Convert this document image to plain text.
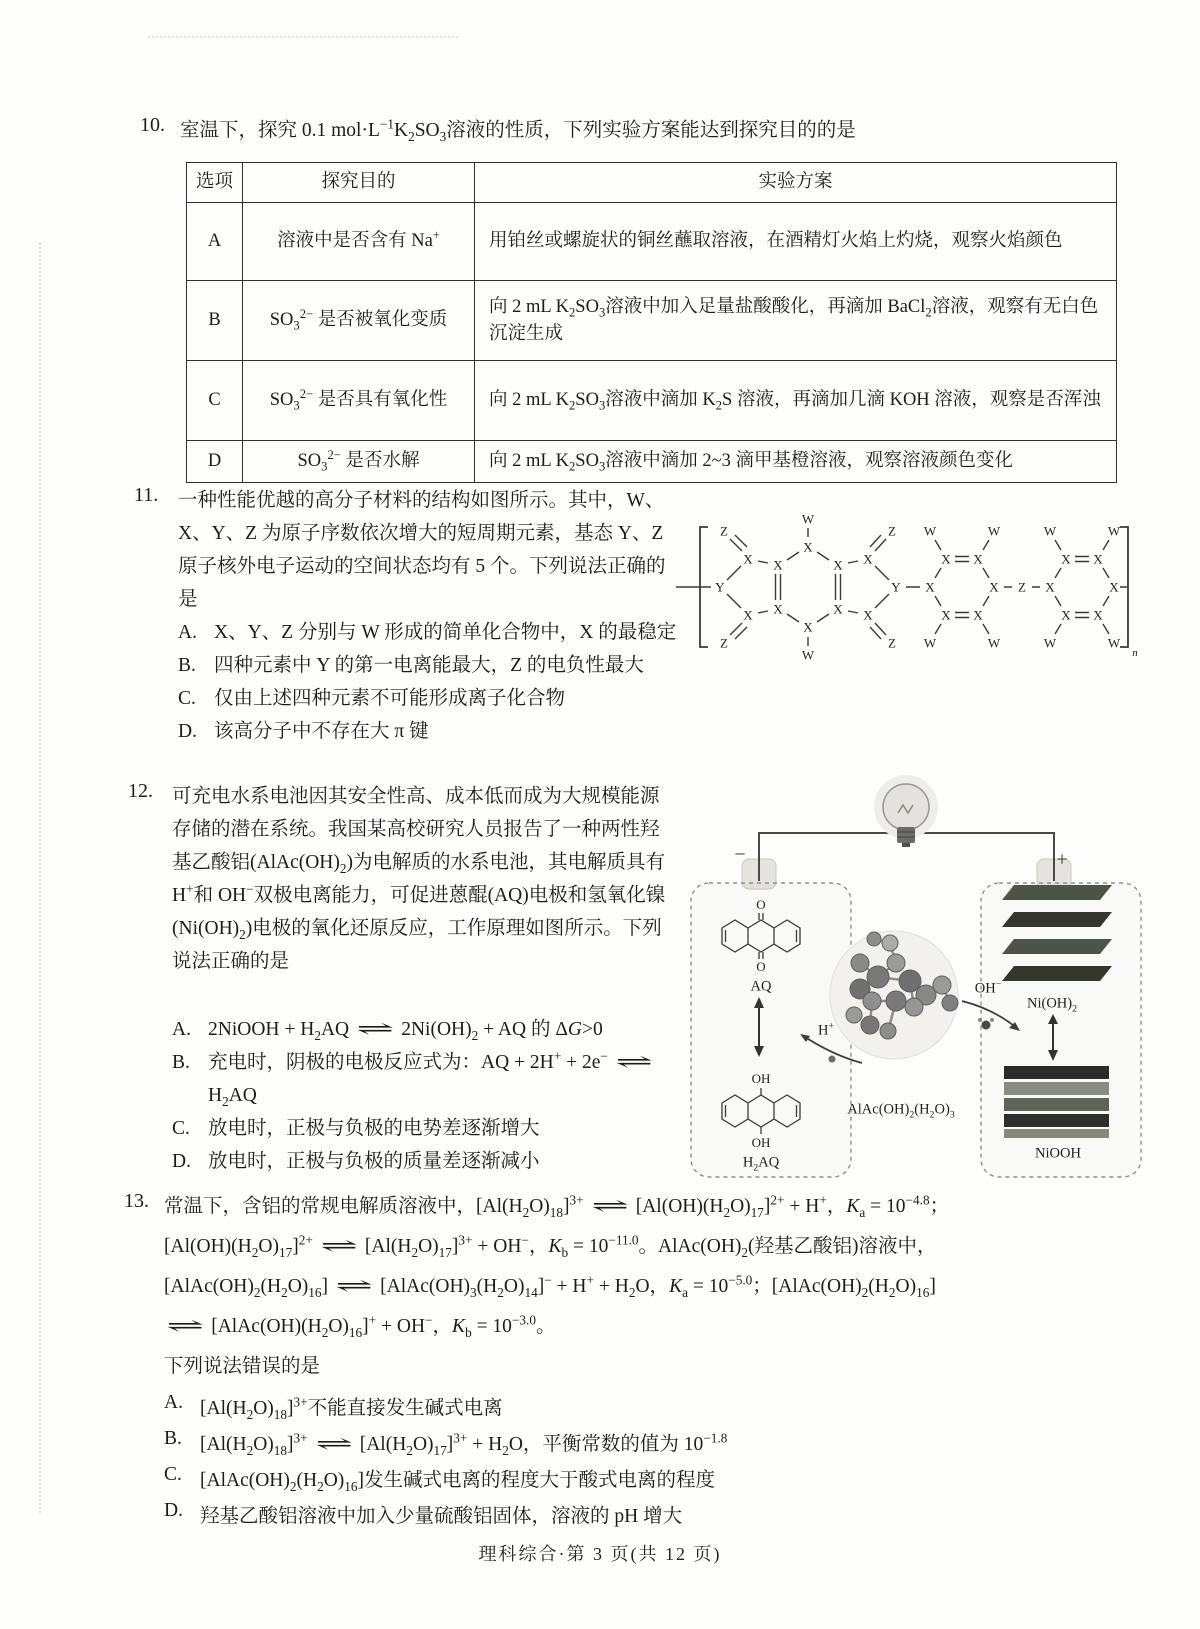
10. 室温下，探究 0.1 $mol\cdot L^{-1}K_2SO_3$溶液的性质，下列实验方案能达到探究目的的是
选项	探究目的	实验方案
A	溶液中是否含有 Na+	用铂丝或螺旋状的铜丝蘸取溶液，在酒精灯火焰上灼烧，观察火焰颜色
B	$SO_3^{2-}$ 是否被氧化变质	向 2 mL $K_2SO_3$溶液中加入足量盐酸酸化，再滴加 BaCl$_2$溶液，观察有无白色沉淀生成
C	$SO_3^{2-}$ 是否具有氧化性	向 2 mL $K_2SO_3$溶液中滴加 $K_2S$ 溶液，再滴加几滴 KOH 溶液，观察是否浑浊
D	$SO_3^{2-}$ 是否水解	向 2 mL $K_2SO_3$溶液中滴加 2~3 滴甲基橙溶液，观察溶液颜色变化
11. 一种性能优越的高分子材料的结构如图所示。其中，W、X、Y、Z 为原子序数依次增大的短周期元素，基态 Y、Z 原子核外电子运动的空间状态均有 5 个。下列说法正确的是
A. X、Y、Z 分别与 W 形成的简单化合物中，X 的最稳定
B. 四种元素中 Y 的第一电离能最大，Z 的电负性最大
C. 仅由上述四种元素不可能形成离子化合物
D. 该高分子中不存在大 π 键
Y	Y
X
X
X
X
X
X
X
X
X
X
X
X X
X
X X
X
X X
X
X X
W
W
W	W
W	W
W	W
W	W
Z
Z
Z
Z
Z
n
12. 可充电水系电池因其安全性高、成本低而成为大规模能源存储的潜在系统。我国某高校研究人员报告了一种两性羟基乙酸铝$(AlAc(OH)_2)$为电解质的水系电池，其电解质具有 H+和 OH−双极电离能力，可促进蒽醌(AQ)电极和氢氧化镍$(Ni(OH)_2)$电极的氧化还原反应，工作原理如图所示。下列说法正确的是
A. 2NiOOH + $H_2AQ$ ⇌ $2Ni(OH)_2$ + AQ 的 ΔG>0
B. 充电时，阴极的电极反应式为：AQ + 2H+ + 2e− ⇌ $H_2AQ$
C. 放电时，正极与负极的电势差逐渐增大
D. 放电时，正极与负极的质量差逐渐减小
−	+
O
O
AQ
OH
OH
$H_2AQ$
$AlAc(OH)_2(H_2O)_3$
H+
OH−
$Ni(OH)_2$
NiOOH
13. 常温下，含铝的常规电解质溶液中，$[Al(H_2O)_{18}]^{3+}$ ⇌ $[Al(OH)(H_2O)_{17}]^{2+} + H^+$，$K_a = 10^{-4.8}$；
$[Al(OH)(H_2O)_{17}]^{2+}$ ⇌ $[Al(H_2O)_{17}]^{3+} + OH^-$，$K_b = 10^{-11.0}$。$AlAc(OH)_2$(羟基乙酸铝)溶液中，
$[AlAc(OH)_2(H_2O)_{16}]$ ⇌ $[AlAc(OH)_3(H_2O)_{14}]^- + H^+ + H_2O$，$K_a = 10^{-5.0}$；$[AlAc(OH)_2(H_2O)_{16}]$
⇌ $[AlAc(OH)(H_2O)_{16}]^+ + OH^-$，$K_b = 10^{-3.0}$。
下列说法错误的是
A. $[Al(H_2O)_{18}]^{3+}$不能直接发生碱式电离
B. $[Al(H_2O)_{18}]^{3+}$ ⇌ $[Al(H_2O)_{17}]^{3+} + H_2O$，平衡常数的值为 $10^{-1.8}$
C. $[AlAc(OH)_2(H_2O)_{16}]$发生碱式电离的程度大于酸式电离的程度
D. 羟基乙酸铝溶液中加入少量硫酸铝固体，溶液的 pH 增大
理科综合·第 3 页(共 12 页)
